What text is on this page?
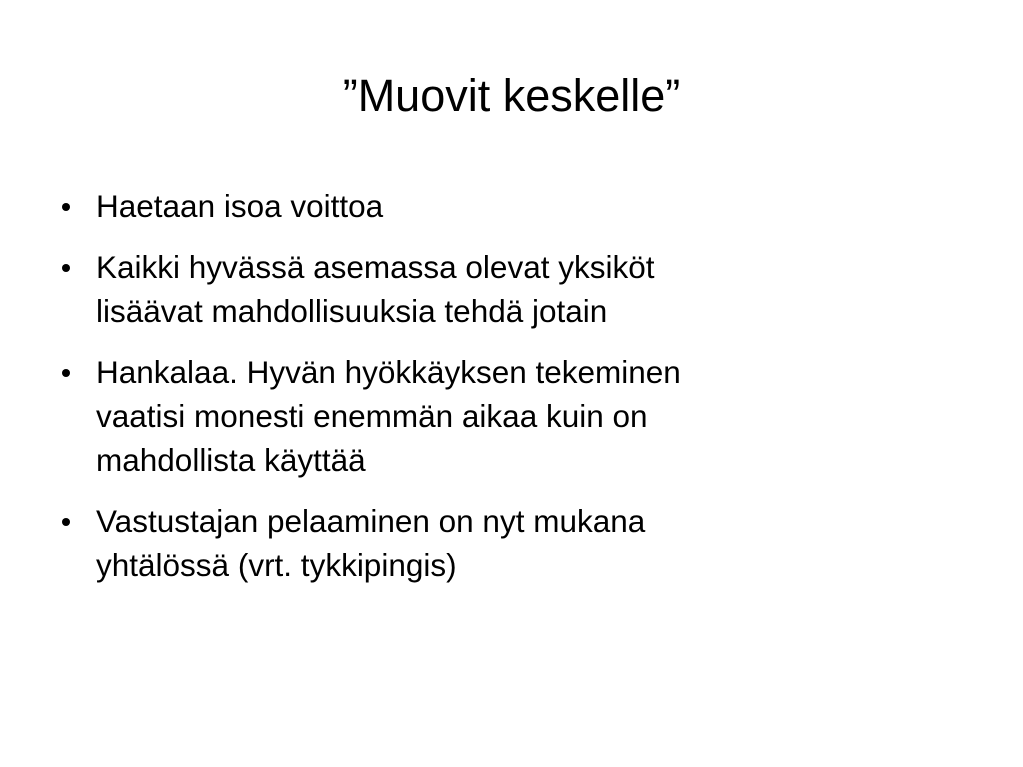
”Muovit keskelle”
Haetaan isoa voittoa
Kaikki hyvässä asemassa olevat yksiköt
lisäävat mahdollisuuksia tehdä jotain
Hankalaa. Hyvän hyökkäyksen tekeminen
vaatisi monesti enemmän aikaa kuin on
mahdollista käyttää
Vastustajan pelaaminen on nyt mukana
yhtälössä (vrt. tykkipingis)
